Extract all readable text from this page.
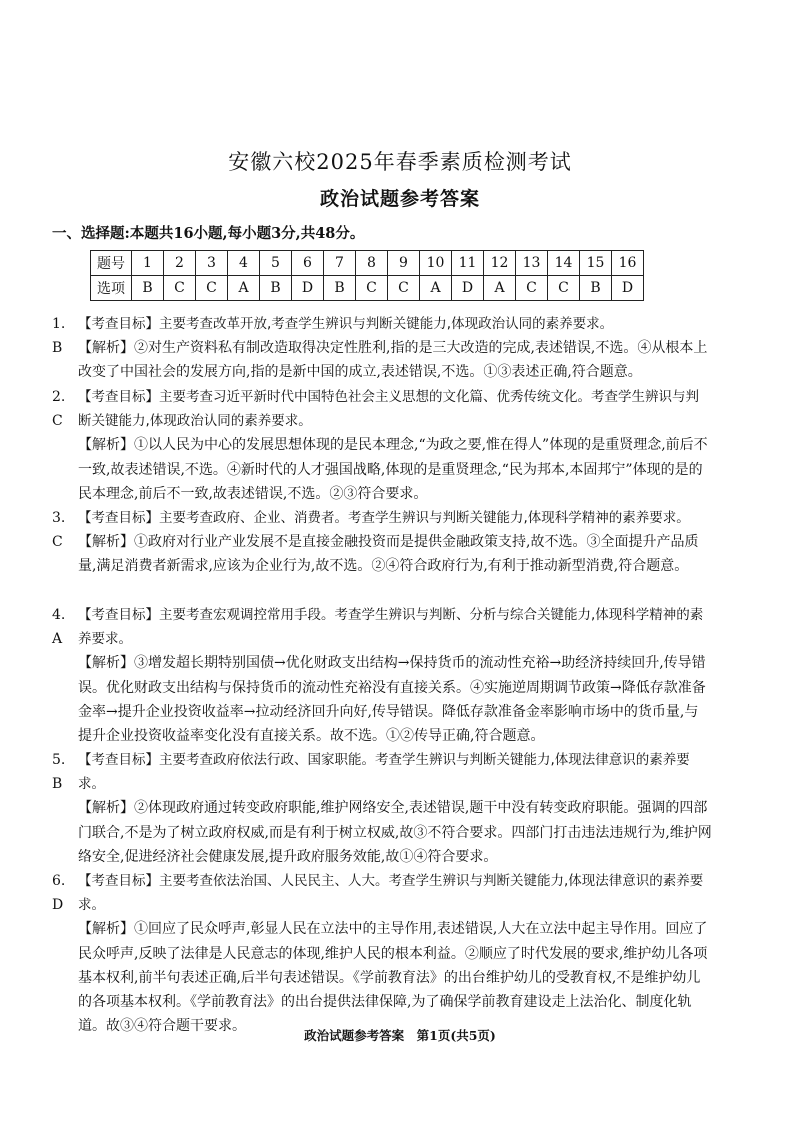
安徽六校2025年春季素质检测考试
政治试题参考答案
一、选择题:本题共16小题,每小题3分,共48分。
题号	1	2	3	4	5	6	7	8	9	10	11	12	13	14	15	16
选项	B	C	C	A	B	D	B	C	C	A	D	A	C	C	B	D
1. B
【考查目标】主要考查改革开放,考查学生辨识与判断关键能力,体现政治认同的素养要求。
【解析】②对生产资料私有制改造取得决定性胜利,指的是三大改造的完成,表述错误,不选。④从根本上改变了中国社会的发展方向,指的是新中国的成立,表述错误,不选。①③表述正确,符合题意。
2. C
【考查目标】主要考查习近平新时代中国特色社会主义思想的文化篇、优秀传统文化。考查学生辨识与判断关键能力,体现政治认同的素养要求。
【解析】①以人民为中心的发展思想体现的是民本理念,“为政之要,惟在得人”体现的是重贤理念,前后不一致,故表述错误,不选。④新时代的人才强国战略,体现的是重贤理念,“民为邦本,本固邦宁”体现的是的民本理念,前后不一致,故表述错误,不选。②③符合要求。
3. C
【考查目标】主要考查政府、企业、消费者。考查学生辨识与判断关键能力,体现科学精神的素养要求。
【解析】①政府对行业产业发展不是直接金融投资而是提供金融政策支持,故不选。③全面提升产品质量,满足消费者新需求,应该为企业行为,故不选。②④符合政府行为,有利于推动新型消费,符合题意。
4. A
【考查目标】主要考查宏观调控常用手段。考查学生辨识与判断、分析与综合关键能力,体现科学精神的素养要求。
【解析】③增发超长期特别国债→优化财政支出结构→保持货币的流动性充裕→助经济持续回升,传导错误。优化财政支出结构与保持货币的流动性充裕没有直接关系。④实施逆周期调节政策→降低存款准备金率→提升企业投资收益率→拉动经济回升向好,传导错误。降低存款准备金率影响市场中的货币量,与提升企业投资收益率变化没有直接关系。故不选。①②传导正确,符合题意。
5. B
【考查目标】主要考查政府依法行政、国家职能。考查学生辨识与判断关键能力,体现法律意识的素养要求。
【解析】②体现政府通过转变政府职能,维护网络安全,表述错误,题干中没有转变政府职能。强调的四部门联合,不是为了树立政府权威,而是有利于树立权威,故③不符合要求。四部门打击违法违规行为,维护网络安全,促进经济社会健康发展,提升政府服务效能,故①④符合要求。
6. D
【考查目标】主要考查依法治国、人民民主、人大。考查学生辨识与判断关键能力,体现法律意识的素养要求。
【解析】①回应了民众呼声,彰显人民在立法中的主导作用,表述错误,人大在立法中起主导作用。回应了民众呼声,反映了法律是人民意志的体现,维护人民的根本利益。②顺应了时代发展的要求,维护幼儿各项基本权利,前半句表述正确,后半句表述错误。《学前教育法》的出台维护幼儿的受教育权,不是维护幼儿的各项基本权利。《学前教育法》的出台提供法律保障,为了确保学前教育建设走上法治化、制度化轨道。故③④符合题干要求。
政治试题参考答案　第1页(共5页)
